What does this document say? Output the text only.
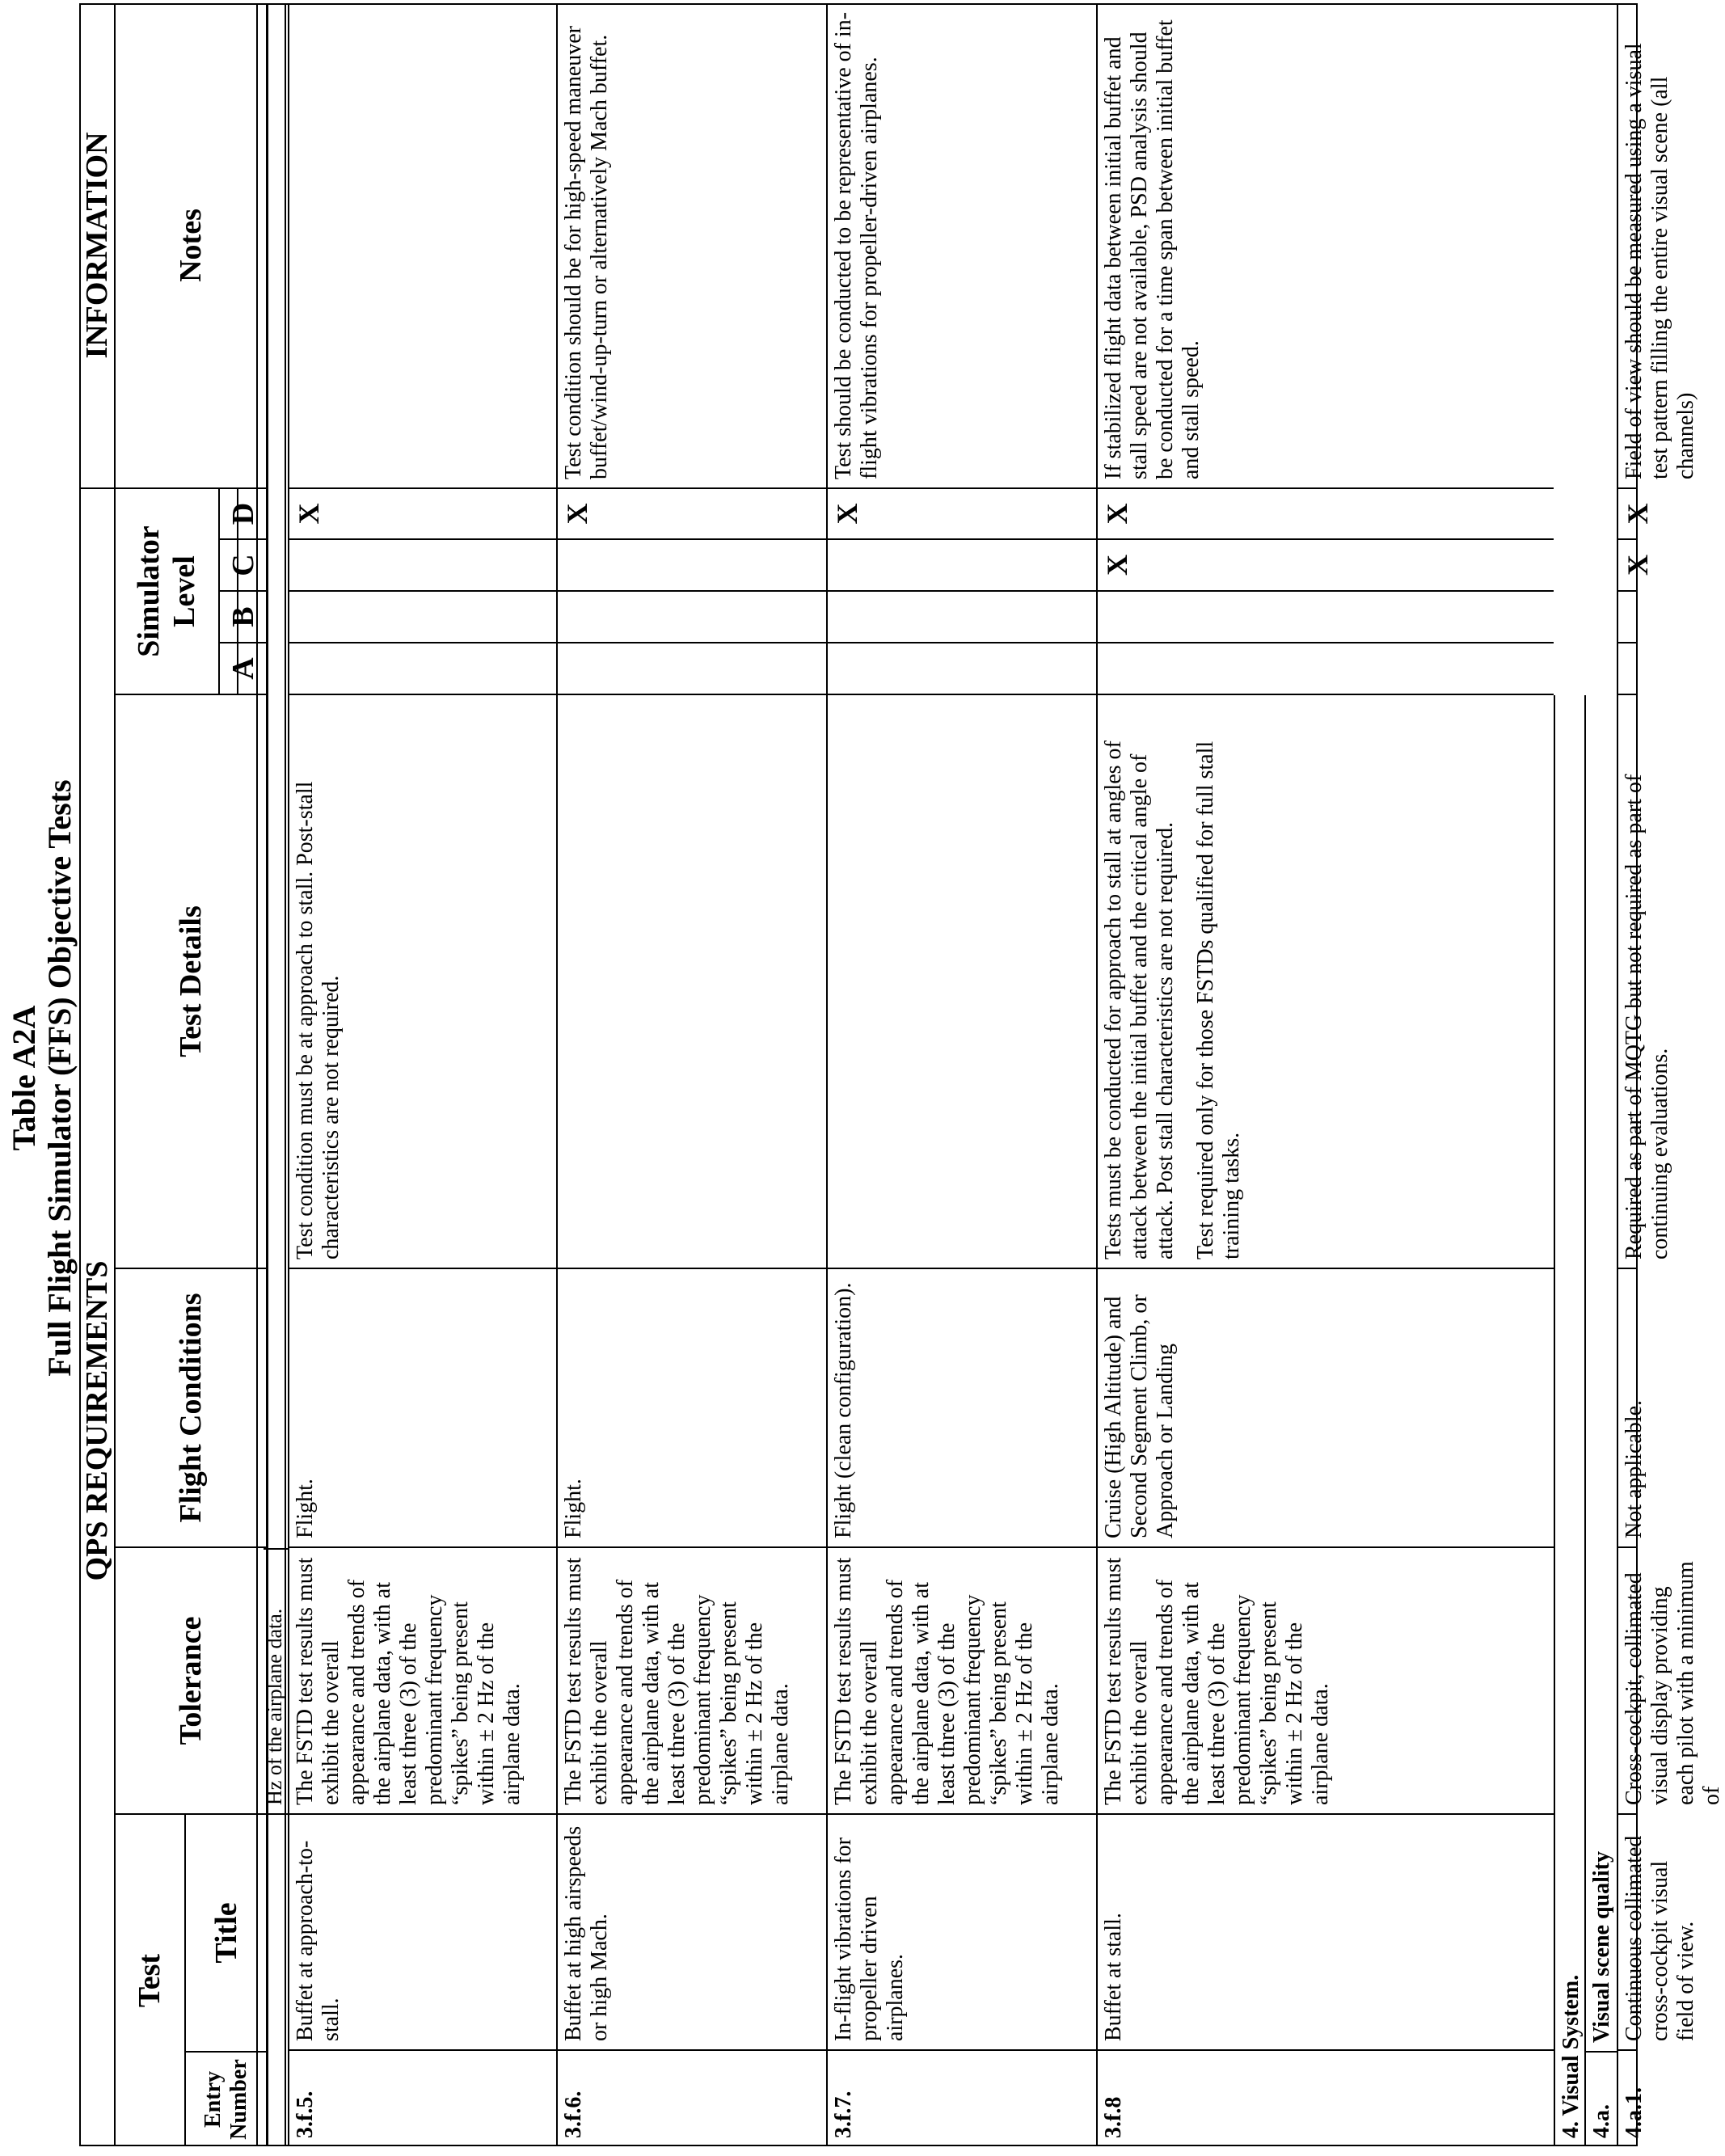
Table A2A Full Flight Simulator (FFS) Objective Tests
QPS REQUIREMENTS
INFORMATION
Test
Entry Number
Title
Tolerance
Flight Conditions
Test Details
Simulator Level
A
B
C
D
Notes
Hz of the airplane data.
4. Visual System. 4.a.
Visual scene quality
3.f.5.
Buffet at approach-to-stall.
The FSTD test results must exhibit the overall appearance and trends of the airplane data, with at least three (3) of the predominant frequency “spikes” being present within ± 2 Hz of the airplane data.
Flight.

Test condition must be at approach to stall. Post-stall characteristics are not required.

X
3.f.6.
Buffet at high airspeeds or high Mach.
The FSTD test results must exhibit the overall appearance and trends of the airplane data, with at least three (3) of the predominant frequency “spikes” being present within ± 2 Hz of the airplane data.
Flight.

X
Test condition should be for high-speed maneuver buffet/wind-up-turn or alternatively Mach buffet.
3.f.7.
In-flight vibrations for propeller driven airplanes.
The FSTD test results must exhibit the overall appearance and trends of the airplane data, with at least three (3) of the predominant frequency “spikes” being present within ± 2 Hz of the airplane data.
Flight (clean configuration).

X
Test should be conducted to be representative of in-flight vibrations for propeller-driven airplanes.
3.f.8
Buffet at stall.
The FSTD test results must exhibit the overall appearance and trends of the airplane data, with at least three (3) of the predominant frequency “spikes” being present within ± 2 Hz of the airplane data.
Cruise (High Altitude) and Second Segment Climb, or Approach or Landing

Tests must be conducted for approach to stall at angles of attack between the initial buffet and the critical angle of attack. Post stall characteristics are not required. Test required only for those FSTDs qualified for full stall training tasks.

X
X
If stabilized flight data between initial buffet and stall speed are not available, PSD analysis should be conducted for a time span between initial buffet and stall speed.
4.a.1.
Continuous collimated cross-cockpit visual field of view.
Cross-cockpit, collimated visual display providing each pilot with a minimum of
Not applicable.
Required as part of MQTG but not required as part of continuing evaluations.
X
X
Field of view should be measured using a visual test pattern filling the entire visual scene (all channels)
